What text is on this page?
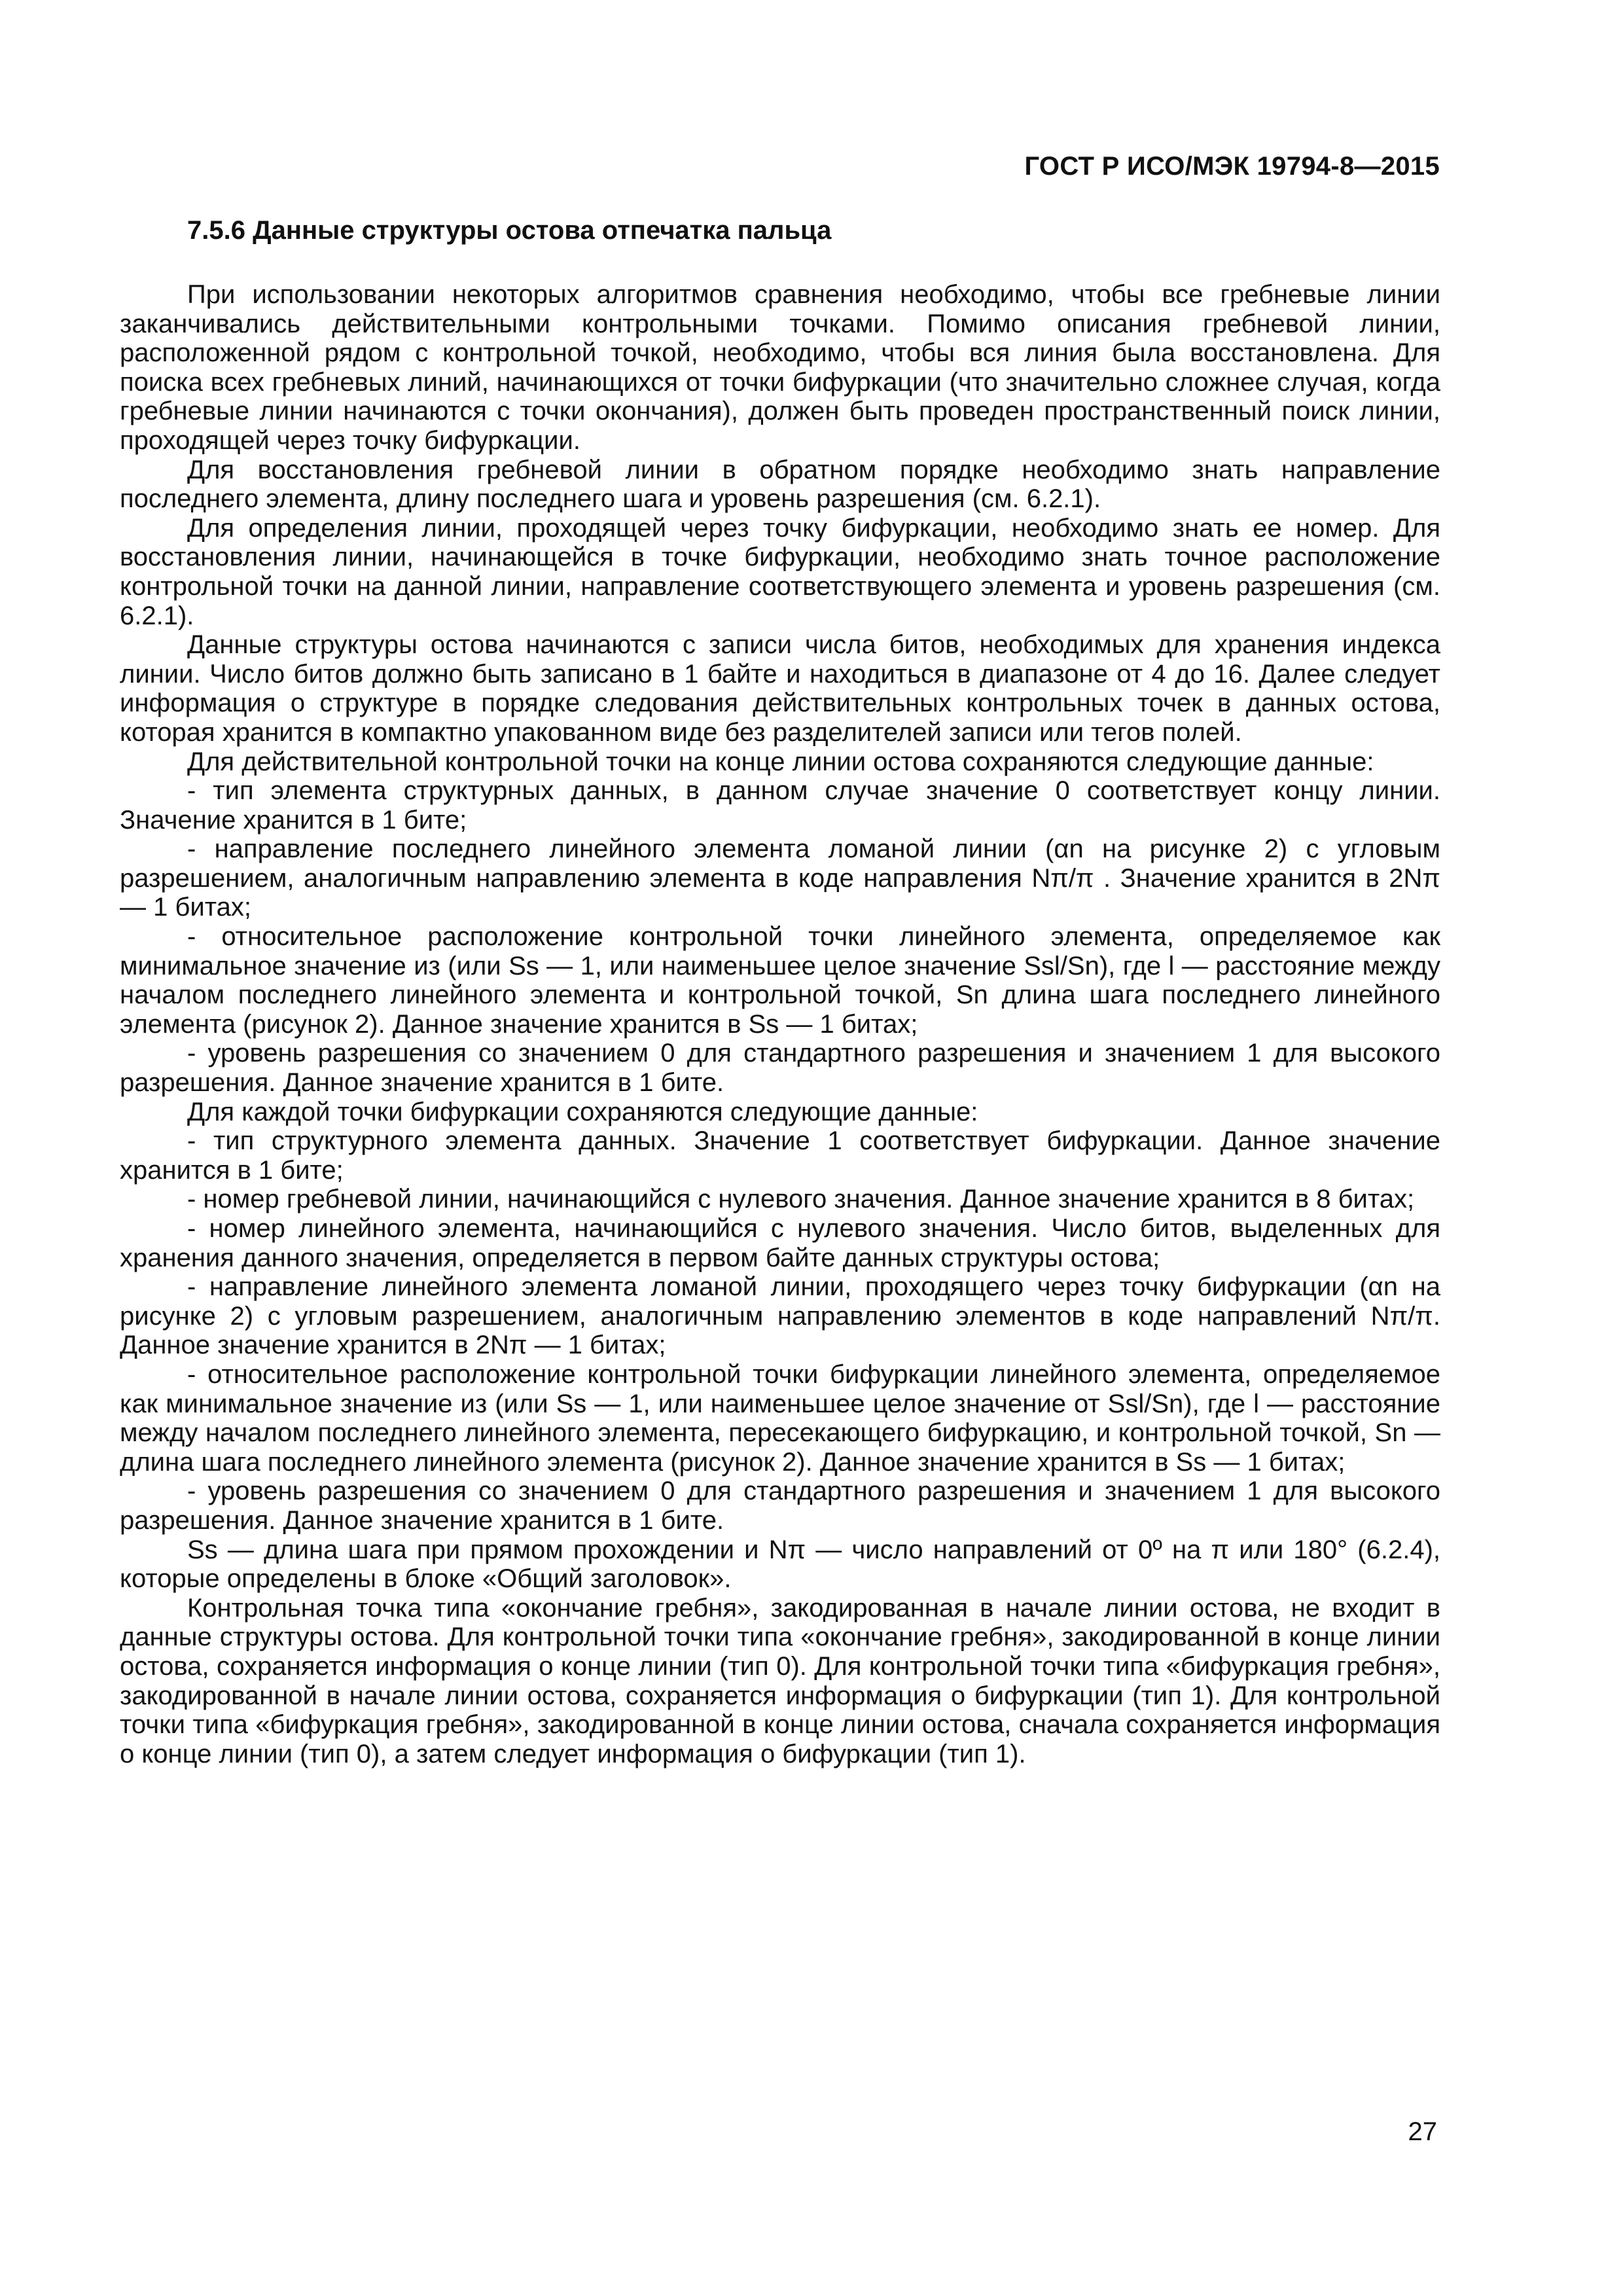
ГОСТ Р ИСО/МЭК 19794-8—2015
7.5.6 Данные структуры остова отпечатка пальца

При использовании некоторых алгоритмов сравнения необходимо, чтобы все гребневые линии заканчивались действительными контрольными точками. Помимо описания гребневой линии, расположенной рядом с контрольной точкой, необходимо, чтобы вся линия была восстановлена. Для поиска всех гребневых линий, начинающихся от точки бифуркации (что значительно сложнее случая, когда гребневые линии начинаются с точки окончания), должен быть проведен пространственный поиск линии, проходящей через точку бифуркации.

Для восстановления гребневой линии в обратном порядке необходимо знать направление последнего элемента, длину последнего шага и уровень разрешения (см. 6.2.1).

Для определения линии, проходящей через точку бифуркации, необходимо знать ее номер. Для восстановления линии, начинающейся в точке бифуркации, необходимо знать точное расположение контрольной точки на данной линии, направление соответствующего элемента и уровень разрешения (см. 6.2.1).

Данные структуры остова начинаются с записи числа битов, необходимых для хранения индекса линии. Число битов должно быть записано в 1 байте и находиться в диапазоне от 4 до 16. Далее следует информация о структуре в порядке следования действительных контрольных точек в данных остова, которая хранится в компактно упакованном виде без разделителей записи или тегов полей.

Для действительной контрольной точки на конце линии остова сохраняются следующие данные:

- тип элемента структурных данных, в данном случае значение 0 соответствует концу линии. Значение хранится в 1 бите;

- направление последнего линейного элемента ломаной линии (αn на рисунке 2) с угловым разрешением, аналогичным направлению элемента в коде направления Nπ/π . Значение хранится в 2Nπ — 1 битах;

- относительное расположение контрольной точки линейного элемента, определяемое как минимальное значение из (или Ss — 1, или наименьшее целое значение Ssl/Sn), где l — расстояние между началом последнего линейного элемента и контрольной точкой, Sn длина шага последнего линейного элемента (рисунок 2). Данное значение хранится в Ss — 1 битах;

- уровень разрешения со значением 0 для стандартного разрешения и значением 1 для высокого разрешения. Данное значение хранится в 1 бите.

Для каждой точки бифуркации сохраняются следующие данные:

- тип структурного элемента данных. Значение 1 соответствует бифуркации. Данное значение хранится в 1 бите;

- номер гребневой линии, начинающийся с нулевого значения. Данное значение хранится в 8 битах;

- номер линейного элемента, начинающийся с нулевого значения. Число битов, выделенных для хранения данного значения, определяется в первом байте данных структуры остова;

- направление линейного элемента ломаной линии, проходящего через точку бифуркации (αn на рисунке 2) с угловым разрешением, аналогичным направлению элементов в коде направлений Nπ/π. Данное значение хранится в 2Nπ — 1 битах;

- относительное расположение контрольной точки бифуркации линейного элемента, определяемое как минимальное значение из (или Ss — 1, или наименьшее целое значение от Ssl/Sn), где l — расстояние между началом последнего линейного элемента, пересекающего бифуркацию, и контрольной точкой, Sn — длина шага последнего линейного элемента (рисунок 2). Данное значение хранится в Ss — 1 битах;

- уровень разрешения со значением 0 для стандартного разрешения и значением 1 для высокого разрешения. Данное значение хранится в 1 бите.

Ss — длина шага при прямом прохождении и Nπ — число направлений от 0º на π или 180° (6.2.4), которые определены в блоке «Общий заголовок».

Контрольная точка типа «окончание гребня», закодированная в начале линии остова, не входит в данные структуры остова. Для контрольной точки типа «окончание гребня», закодированной в конце линии остова, сохраняется информация о конце линии (тип 0). Для контрольной точки типа «бифуркация гребня», закодированной в начале линии остова, сохраняется информация о бифуркации (тип 1). Для контрольной точки типа «бифуркация гребня», закодированной в конце линии остова, сначала сохраняется информация о конце линии (тип 0), а затем следует информация о бифуркации (тип 1).

27
